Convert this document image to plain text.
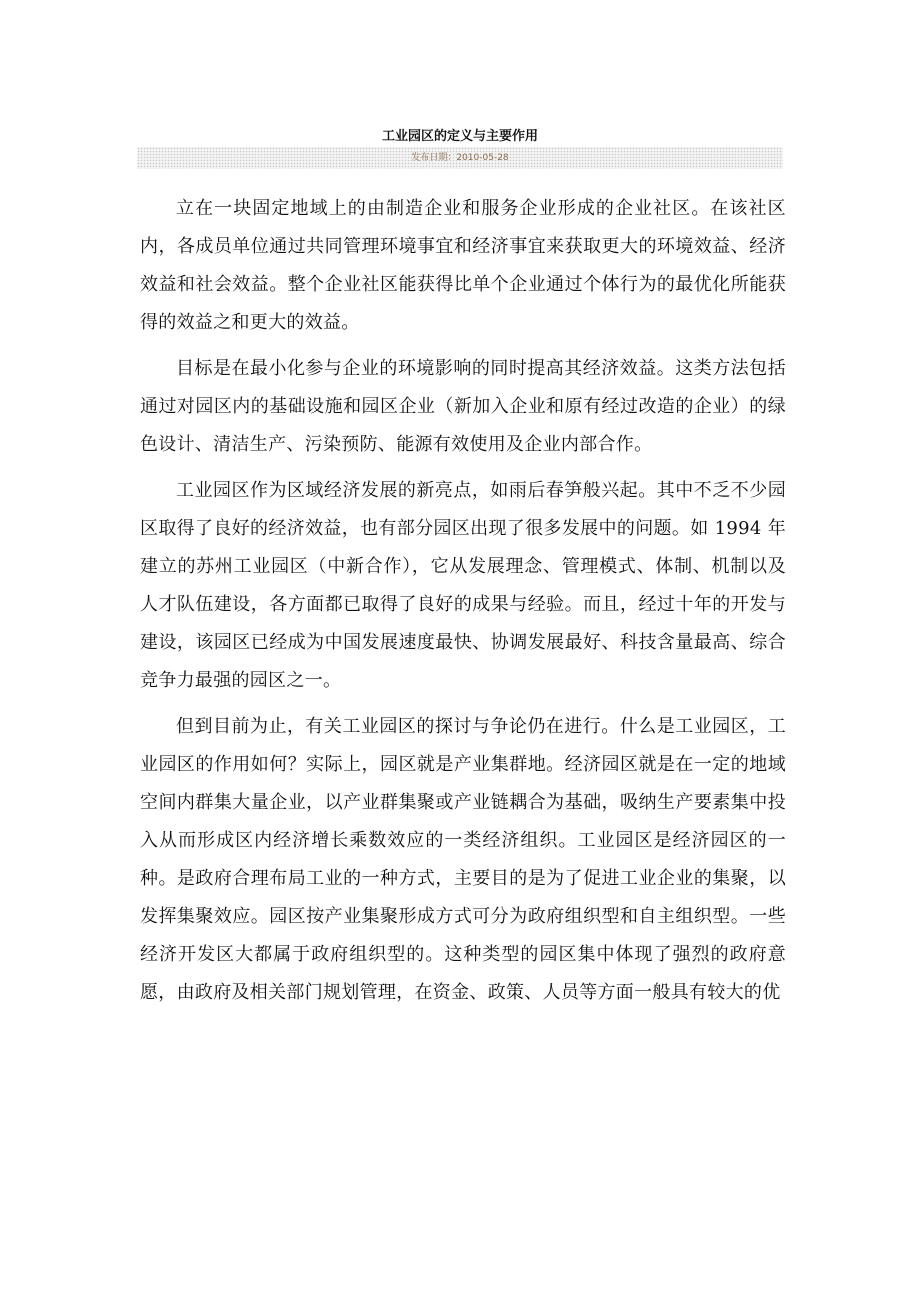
工业园区的定义与主要作用
发布日期：2010-05-28

立在一块固定地域上的由制造企业和服务企业形成的企业社区。在该社区内，各成员单位通过共同管理环境事宜和经济事宜来获取更大的环境效益、经济效益和社会效益。整个企业社区能获得比单个企业通过个体行为的最优化所能获得的效益之和更大的效益。

目标是在最小化参与企业的环境影响的同时提高其经济效益。这类方法包括通过对园区内的基础设施和园区企业（新加入企业和原有经过改造的企业）的绿色设计、清洁生产、污染预防、能源有效使用及企业内部合作。

工业园区作为区域经济发展的新亮点，如雨后春笋般兴起。其中不乏不少园区取得了良好的经济效益，也有部分园区出现了很多发展中的问题。如 1994 年建立的苏州工业园区（中新合作），它从发展理念、管理模式、体制、机制以及人才队伍建设，各方面都已取得了良好的成果与经验。而且，经过十年的开发与建设，该园区已经成为中国发展速度最快、协调发展最好、科技含量最高、综合竞争力最强的园区之一。

但到目前为止，有关工业园区的探讨与争论仍在进行。什么是工业园区，工业园区的作用如何？实际上，园区就是产业集群地。经济园区就是在一定的地域空间内群集大量企业，以产业群集聚或产业链耦合为基础，吸纳生产要素集中投入从而形成区内经济增长乘数效应的一类经济组织。工业园区是经济园区的一种。是政府合理布局工业的一种方式，主要目的是为了促进工业企业的集聚，以发挥集聚效应。园区按产业集聚形成方式可分为政府组织型和自主组织型。一些经济开发区大都属于政府组织型的。这种类型的园区集中体现了强烈的政府意愿，由政府及相关部门规划管理，在资金、政策、人员等方面一般具有较大的优
